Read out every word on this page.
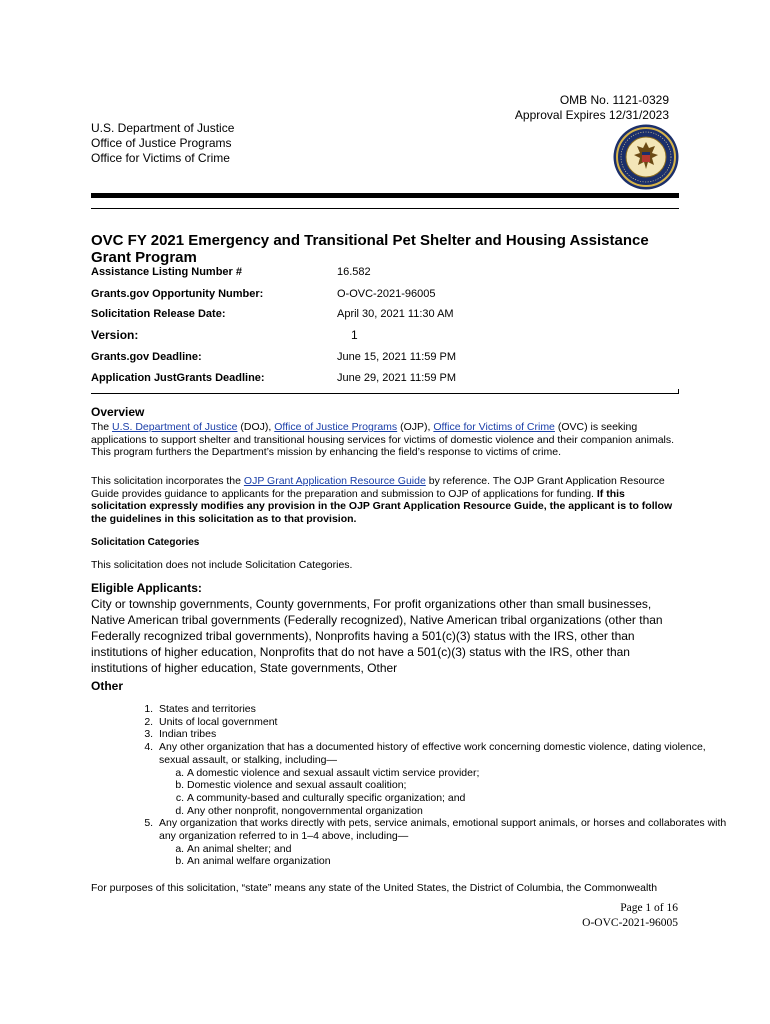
OMB No. 1121-0329
Approval Expires 12/31/2023
U.S. Department of Justice
Office of Justice Programs
Office for Victims of Crime
OVC FY 2021 Emergency and Transitional Pet Shelter and Housing Assistance Grant Program
Assistance Listing Number #	16.582
Grants.gov Opportunity Number:	O-OVC-2021-96005
Solicitation Release Date:	April 30, 2021 11:30 AM
Version:	1
Grants.gov Deadline:	June 15, 2021 11:59 PM
Application JustGrants Deadline:	June 29, 2021 11:59 PM
Overview
The U.S. Department of Justice (DOJ), Office of Justice Programs (OJP), Office for Victims of Crime (OVC) is seeking applications to support shelter and transitional housing services for victims of domestic violence and their companion animals. This program furthers the Department’s mission by enhancing the field’s response to victims of crime.
This solicitation incorporates the OJP Grant Application Resource Guide by reference. The OJP Grant Application Resource Guide provides guidance to applicants for the preparation and submission to OJP of applications for funding. If this solicitation expressly modifies any provision in the OJP Grant Application Resource Guide, the applicant is to follow the guidelines in this solicitation as to that provision.
Solicitation Categories
This solicitation does not include Solicitation Categories.
Eligible Applicants:
City or township governments, County governments, For profit organizations other than small businesses, Native American tribal governments (Federally recognized), Native American tribal organizations (other than Federally recognized tribal governments), Nonprofits having a 501(c)(3) status with the IRS, other than institutions of higher education, Nonprofits that do not have a 501(c)(3) status with the IRS, other than institutions of higher education, State governments, Other
Other
1. States and territories
2. Units of local government
3. Indian tribes
4. Any other organization that has a documented history of effective work concerning domestic violence, dating violence, sexual assault, or stalking, including—
a. A domestic violence and sexual assault victim service provider;
b. Domestic violence and sexual assault coalition;
c. A community-based and culturally specific organization; and
d. Any other nonprofit, nongovernmental organization
5. Any organization that works directly with pets, service animals, emotional support animals, or horses and collaborates with any organization referred to in 1–4 above, including—
a. An animal shelter; and
b. An animal welfare organization
For purposes of this solicitation, “state” means any state of the United States, the District of Columbia, the Commonwealth
Page 1 of 16
O-OVC-2021-96005
